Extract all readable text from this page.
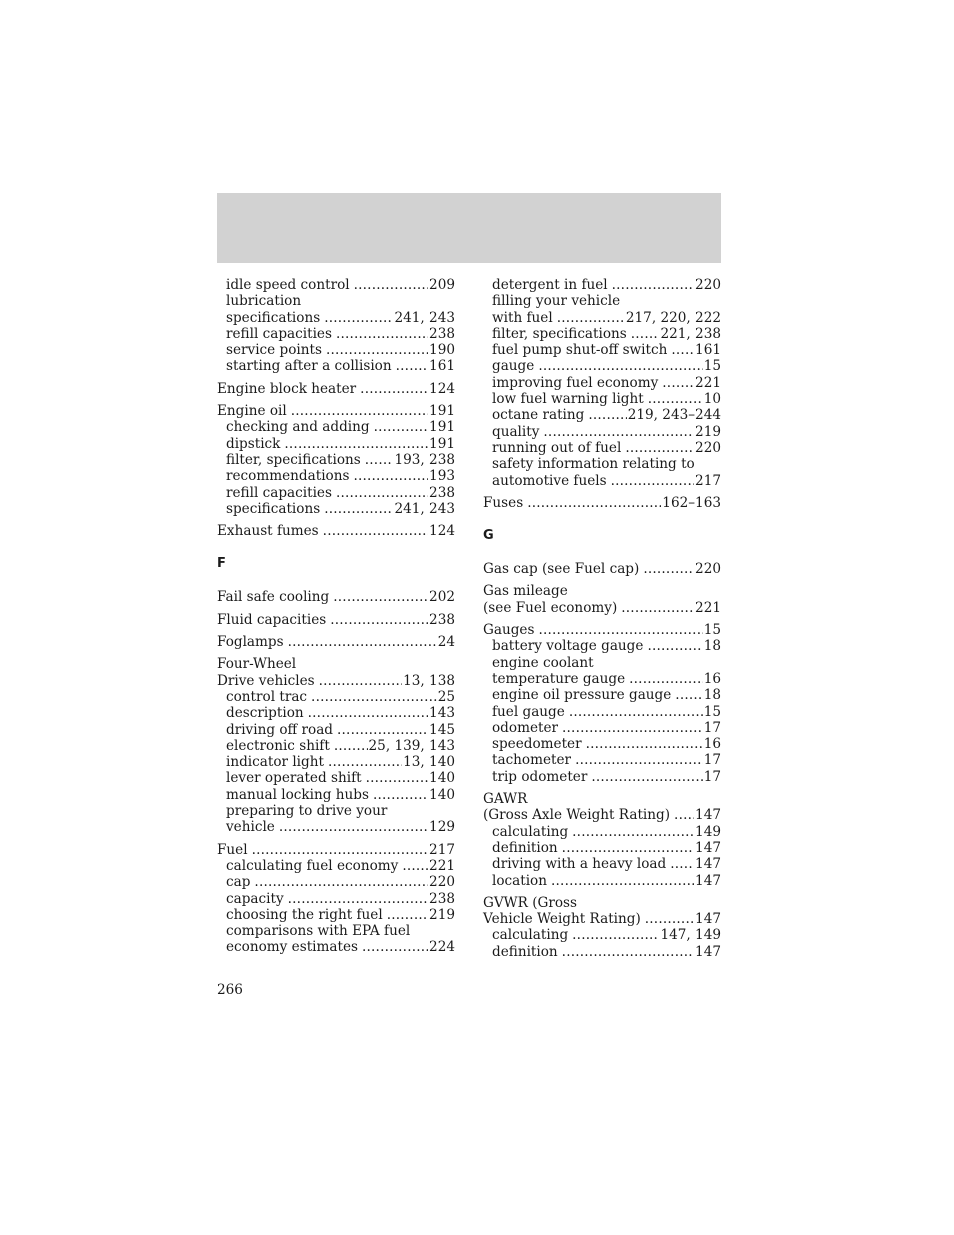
idle speed control .....	209
lubrication
specifications .....	241, 243
refill capacities .....	238
service points .....	190
starting after a collision .....	161
Engine block heater .....	124
Engine oil .....	191
checking and adding .....	191
dipstick .....	191
filter, specifications ..... 193, 238
recommendations .....	193
refill capacities .....	238
specifications .....	241, 243
Exhaust fumes .....	124
F
Fail safe cooling .....	202
Fluid capacities .....	238
Foglamps .....	24
Four-Wheel
Drive vehicles .....	13, 138
control trac .....	25
description .....	143
driving off road .....	145
electronic shift .....	25, 139, 143
indicator light .....	13, 140
lever operated shift .....	140
manual locking hubs .....	140
preparing to drive your
vehicle .....	129
Fuel .....	217
calculating fuel economy ..... 221
cap .....	220
capacity .....	238
choosing the right fuel .....	219
comparisons with EPA fuel
economy estimates .....	224
detergent in fuel .....	220
filling your vehicle
with fuel .....	217, 220, 222
filter, specifications ..... 221, 238
fuel pump shut-off switch ..... 161
gauge .....	15
improving fuel economy .....	221
low fuel warning light .....	10
octane rating .....	219, 243–244
quality .....	219
running out of fuel .....	220
safety information relating to
automotive fuels .....	217
Fuses .....	162–163
G
Gas cap (see Fuel cap) .....	220
Gas mileage
(see Fuel economy) .....	221
Gauges .....	15
battery voltage gauge .....	18
engine coolant
temperature gauge .....	16
engine oil pressure gauge ..... 18
fuel gauge .....	15
odometer .....	17
speedometer .....	16
tachometer .....	17
trip odometer .....	17
GAWR
(Gross Axle Weight Rating) ..... 147
calculating .....	149
definition .....	147
driving with a heavy load ..... 147
location .....	147
GVWR (Gross
Vehicle Weight Rating) .....	147
calculating .....	147, 149
definition .....	147
266
